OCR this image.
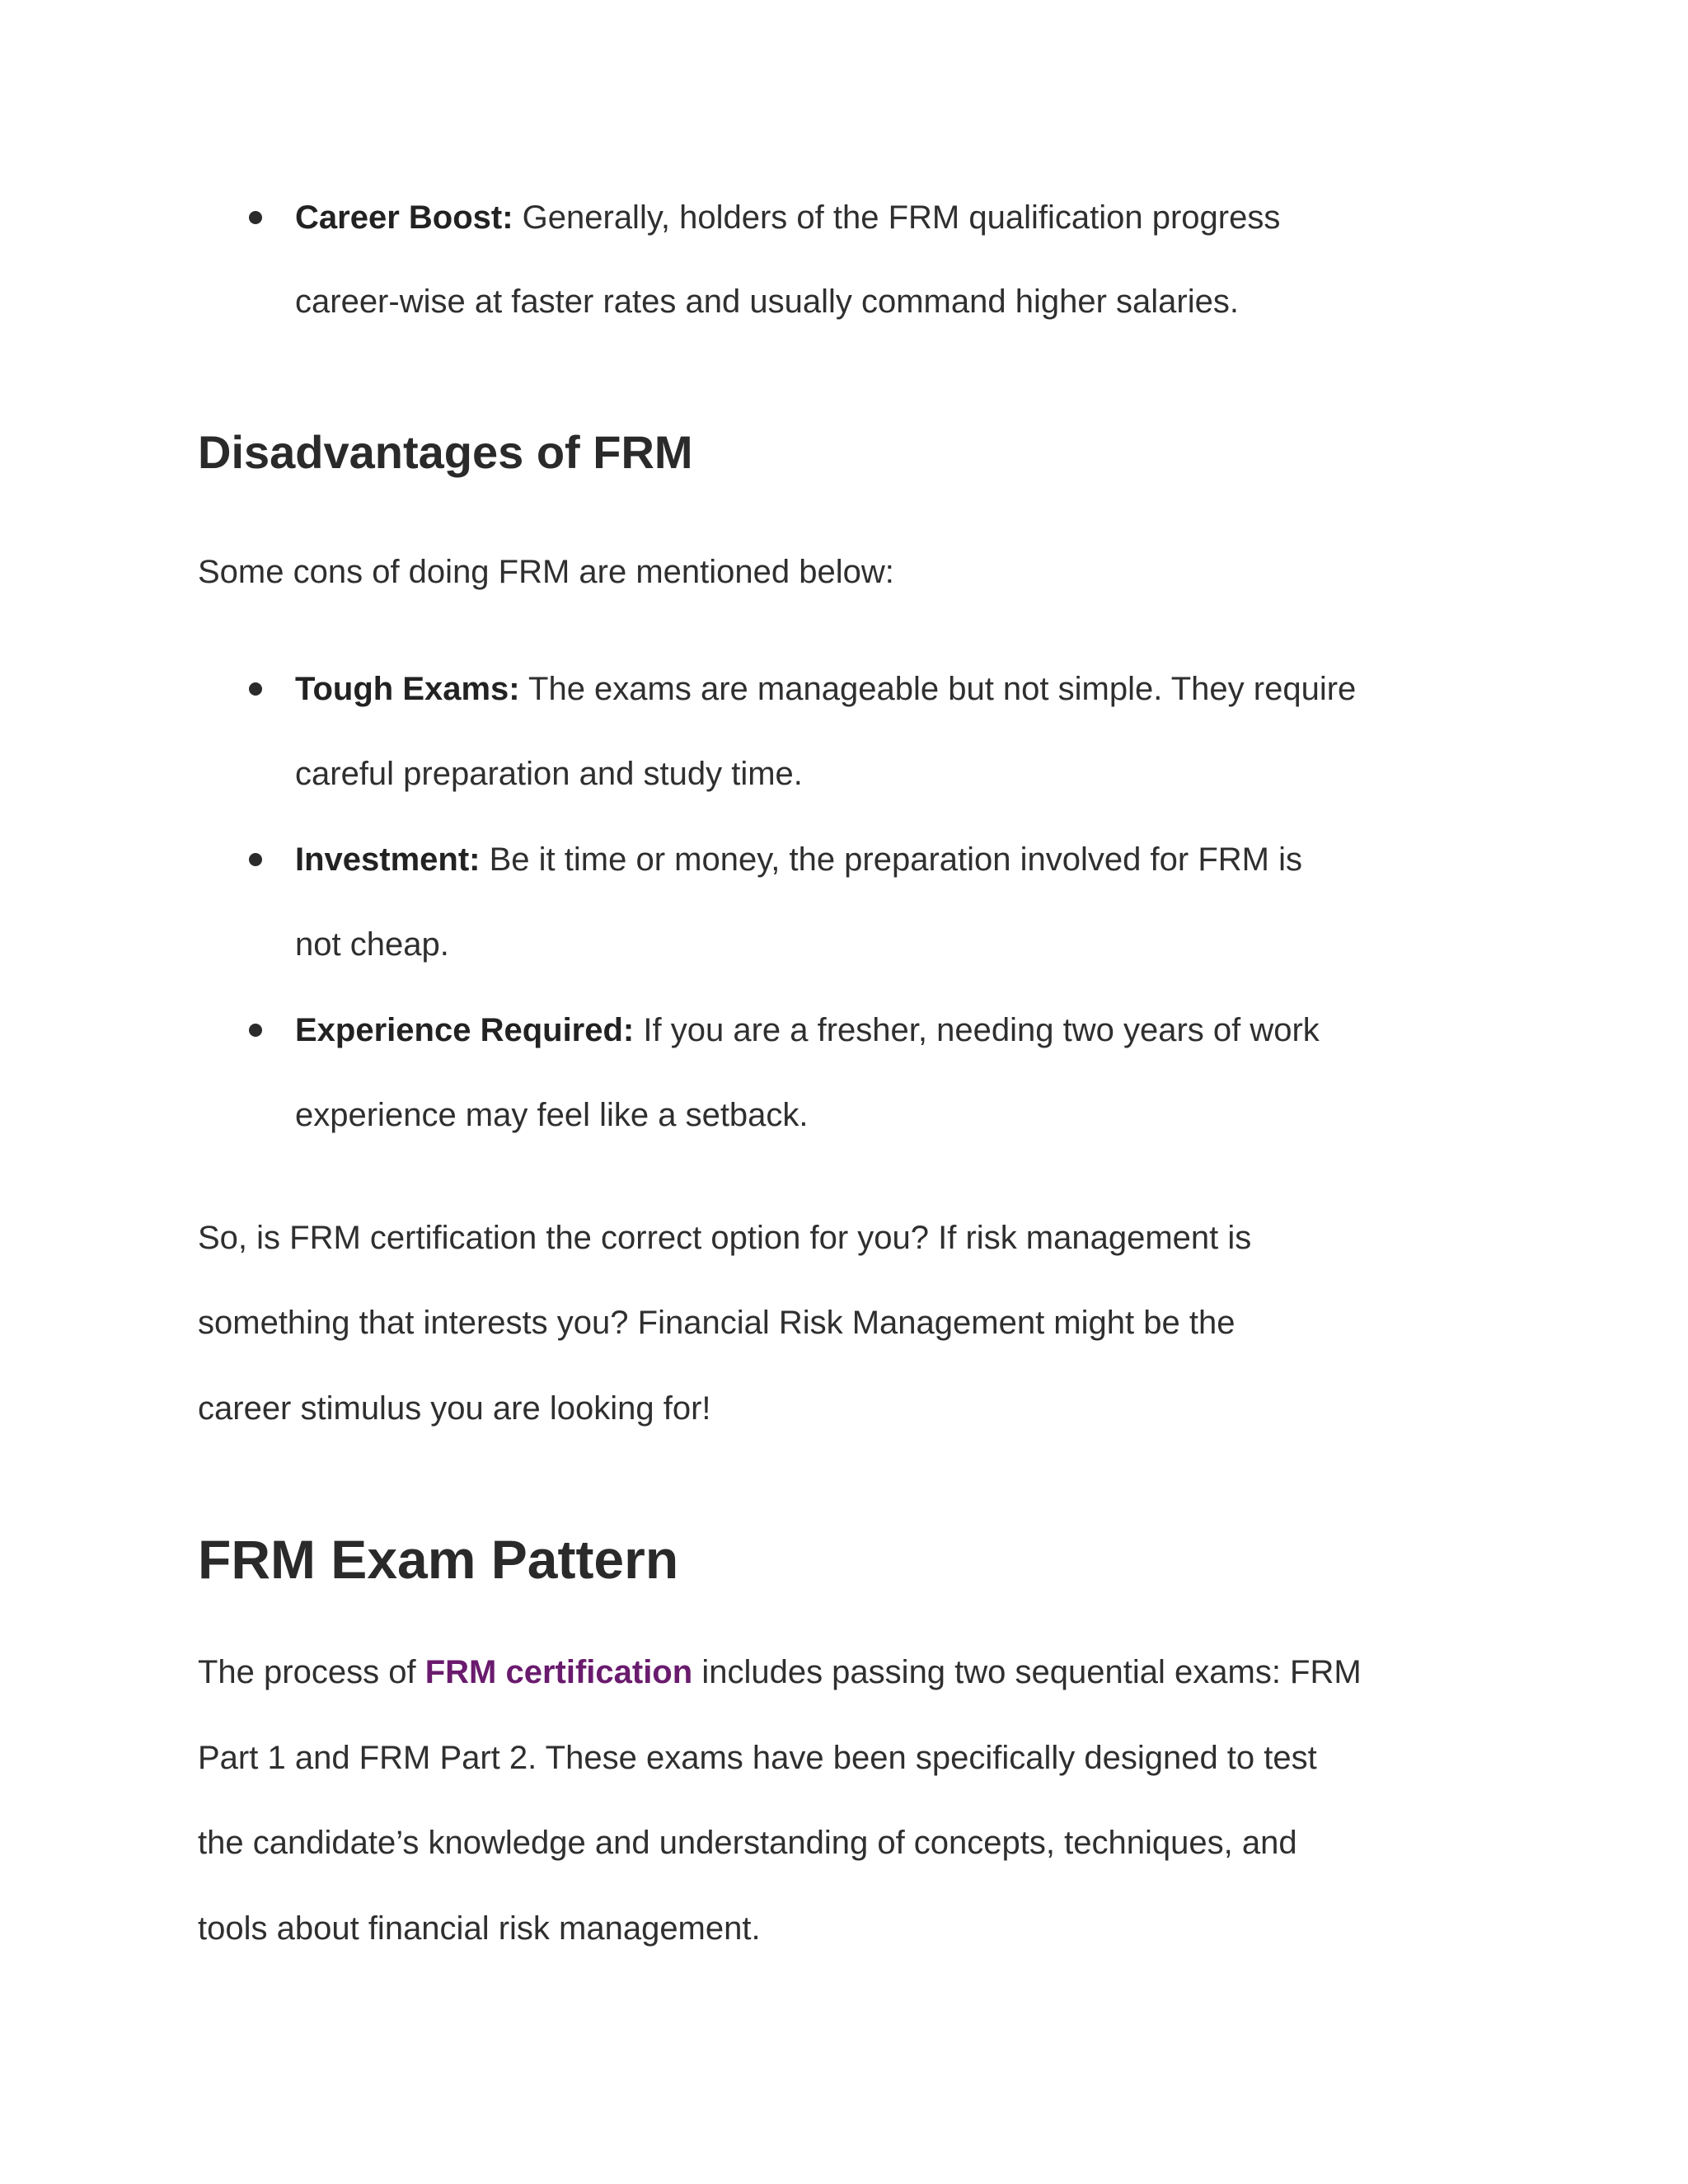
Career Boost: Generally, holders of the FRM qualification progress
career-wise at faster rates and usually command higher salaries.
Disadvantages of FRM
Some cons of doing FRM are mentioned below:
Tough Exams: The exams are manageable but not simple. They require
careful preparation and study time.
Investment: Be it time or money, the preparation involved for FRM is
not cheap.
Experience Required: If you are a fresher, needing two years of work
experience may feel like a setback.
So, is FRM certification the correct option for you? If risk management is
something that interests you? Financial Risk Management might be the
career stimulus you are looking for!
FRM Exam Pattern
The process of FRM certification includes passing two sequential exams: FRM
Part 1 and FRM Part 2. These exams have been specifically designed to test
the candidate’s knowledge and understanding of concepts, techniques, and
tools about financial risk management.
